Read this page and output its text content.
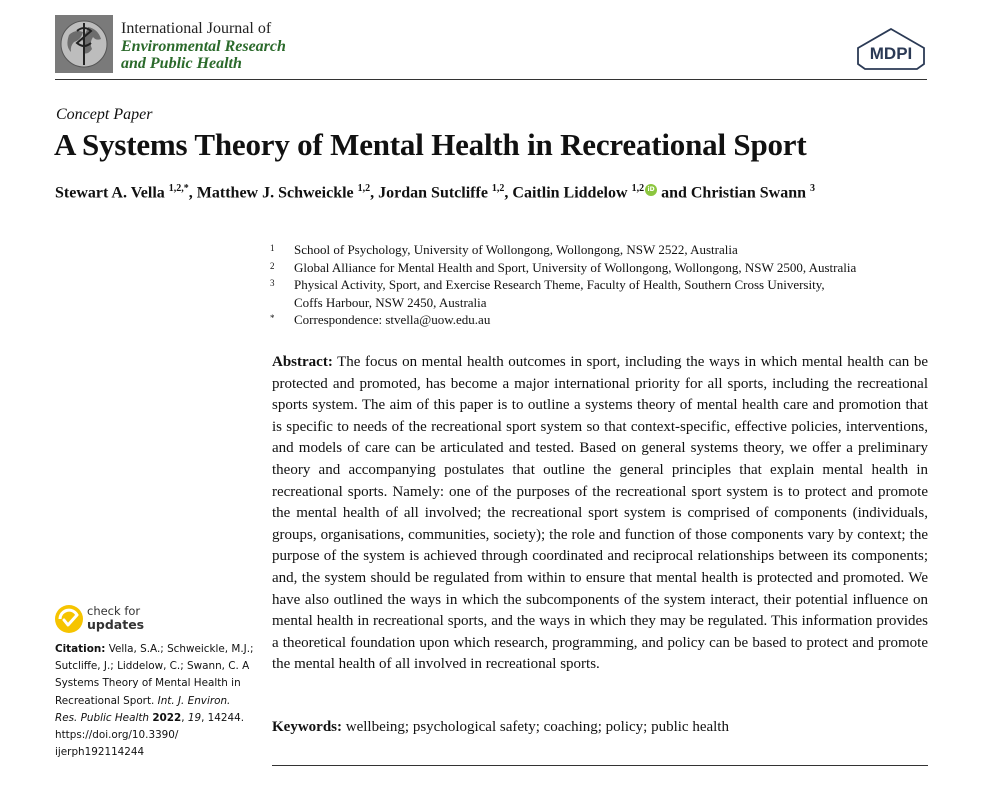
International Journal of
Environmental Research
and Public Health
MDPI
Concept Paper
A Systems Theory of Mental Health in Recreational Sport
Stewart A. Vella $^{1,2,*}$, Matthew J. Schweickle $^{1,2}$, Jordan Sutcliffe $^{1,2}$, Caitlin Liddelow $^{1,2}$ iD and Christian Swann $^3$
1	School of Psychology, University of Wollongong, Wollongong, NSW 2522, Australia
2	Global Alliance for Mental Health and Sport, University of Wollongong, Wollongong, NSW 2500, Australia
3	Physical Activity, Sport, and Exercise Research Theme, Faculty of Health, Southern Cross University,
Coffs Harbour, NSW 2450, Australia
*	Correspondence: stvella@uow.edu.au
Abstract: The focus on mental health outcomes in sport, including the ways in which mental health can be protected and promoted, has become a major international priority for all sports, including the recreational sports system. The aim of this paper is to outline a systems theory of mental health care and promotion that is specific to needs of the recreational sport system so that context-specific, effective policies, interventions, and models of care can be articulated and tested. Based on general systems theory, we offer a preliminary theory and accompanying postulates that outline the general principles that explain mental health in recreational sports. Namely: one of the purposes of the recreational sport system is to protect and promote the mental health of all involved; the recreational sport system is comprised of components (individuals, groups, organisations, communities, society); the role and function of those components vary by context; the purpose of the system is achieved through coordinated and reciprocal relationships between its components; and, the system should be regulated from within to ensure that mental health is protected and promoted. We have also outlined the ways in which the subcomponents of the system interact, their potential influence on mental health in recreational sports, and the ways in which they may be regulated. This information provides a theoretical foundation upon which research, programming, and policy can be based to protect and promote the mental health of all involved in recreational sports.
Keywords: wellbeing; psychological safety; coaching; policy; public health
check for
updates
Citation: Vella, S.A.; Schweickle, M.J.; Sutcliffe, J.; Liddelow, C.; Swann, C. A Systems Theory of Mental Health in Recreational Sport. Int. J. Environ. Res. Public Health 2022, 19, 14244. https://doi.org/10.3390/ ijerph192114244
